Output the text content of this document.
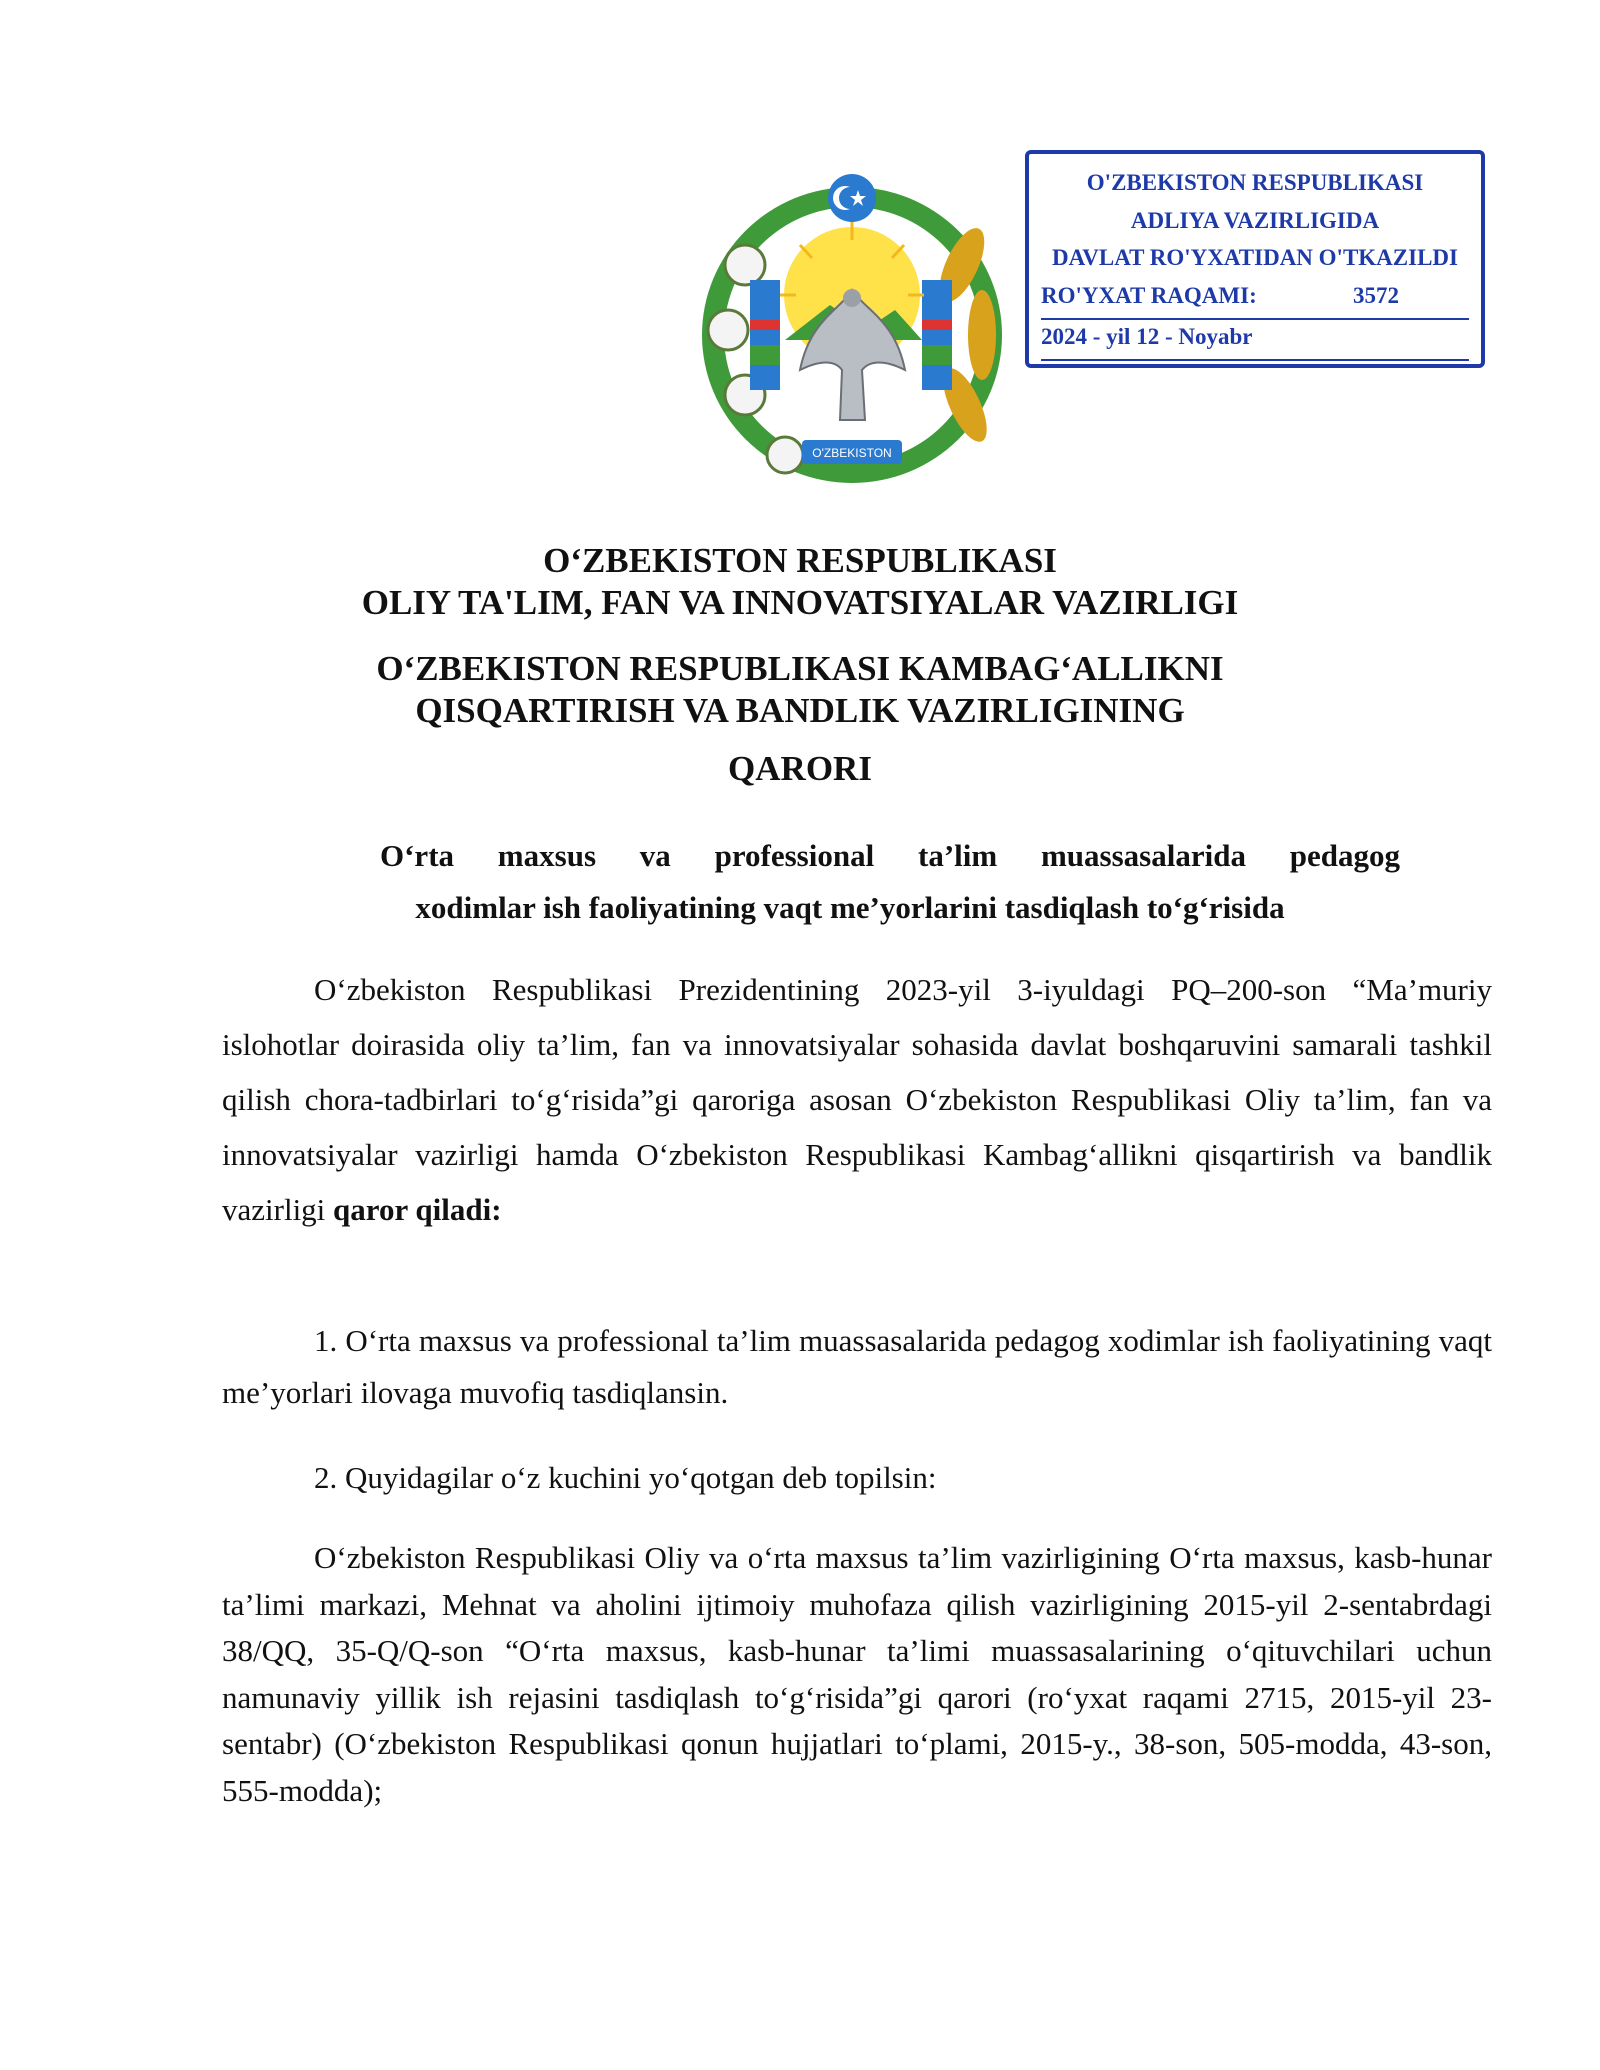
O'ZBEKISTON
O'ZBEKISTON RESPUBLIKASI
ADLIYA VAZIRLIGIDA
DAVLAT RO'YXATIDAN O'TKAZILDI
RO'YXAT RAQAMI:	3572
2024 - yil 12 - Noyabr
O‘ZBEKISTON RESPUBLIKASI
OLIY TA'LIM, FAN VA INNOVATSIYALAR VAZIRLIGI
O‘ZBEKISTON RESPUBLIKASI KAMBAG‘ALLIKNI
QISQARTIRISH VA BANDLIK VAZIRLIGINING
QARORI
O‘rta maxsus va professional ta’lim muassasalarida pedagog
xodimlar ish faoliyatining vaqt me’yorlarini tasdiqlash to‘g‘risida

O‘zbekiston Respublikasi Prezidentining 2023-yil 3-iyuldagi PQ–200-son “Ma’muriy islohotlar doirasida oliy ta’lim, fan va innovatsiyalar sohasida davlat boshqaruvini samarali tashkil qilish chora-tadbirlari to‘g‘risida”gi qaroriga asosan O‘zbekiston Respublikasi Oliy ta’lim, fan va innovatsiyalar vazirligi hamda O‘zbekiston Respublikasi Kambag‘allikni qisqartirish va bandlik vazirligi qaror qiladi:

1. O‘rta maxsus va professional ta’lim muassasalarida pedagog xodimlar ish faoliyatining vaqt me’yorlari ilovaga muvofiq tasdiqlansin.

2. Quyidagilar o‘z kuchini yo‘qotgan deb topilsin:

O‘zbekiston Respublikasi Oliy va o‘rta maxsus ta’lim vazirligining O‘rta maxsus, kasb-hunar ta’limi markazi, Mehnat va aholini ijtimoiy muhofaza qilish vazirligining 2015-yil 2-sentabrdagi 38/QQ, 35-Q/Q-son “O‘rta maxsus, kasb-hunar ta’limi muassasalarining o‘qituvchilari uchun namunaviy yillik ish rejasini tasdiqlash to‘g‘risida”gi qarori (ro‘yxat raqami 2715, 2015-yil 23-sentabr) (O‘zbekiston Respublikasi qonun hujjatlari to‘plami, 2015-y., 38-son, 505-modda, 43-son, 555-modda);
